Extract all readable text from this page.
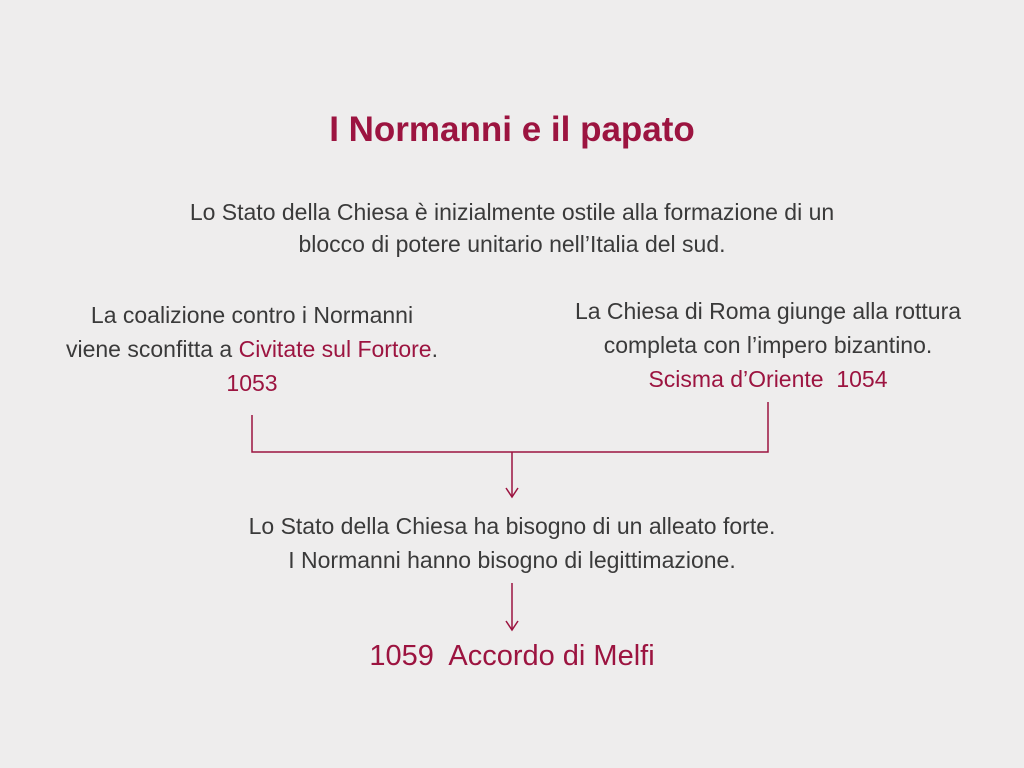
I Normanni e il papato
Lo Stato della Chiesa è inizialmente ostile alla formazione di un
blocco di potere unitario nell’Italia del sud.
La coalizione contro i Normanni
viene sconfitta a Civitate sul Fortore.
1053
La Chiesa di Roma giunge alla rottura
completa con l’impero bizantino.
Scisma d’Oriente  1054
Lo Stato della Chiesa ha bisogno di un alleato forte.
I Normanni hanno bisogno di legittimazione.
1059  Accordo di Melfi
